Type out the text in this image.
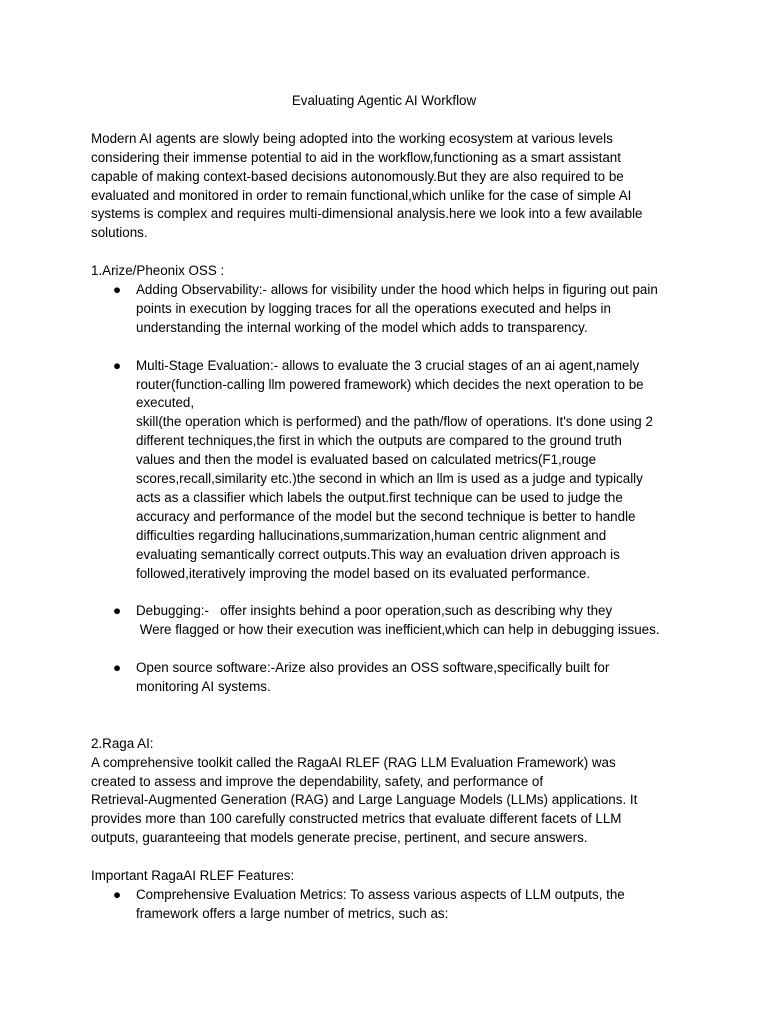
Evaluating Agentic AI Workflow

Modern AI agents are slowly being adopted into the working ecosystem at various levels

considering their immense potential to aid in the workflow,functioning as a smart assistant

capable of making context-based decisions autonomously.But they are also required to be

evaluated and monitored in order to remain functional,which unlike for the case of simple AI

systems is complex and requires multi-dimensional analysis.here we look into a few available

solutions.

1.Arize/Pheonix OSS :

● Adding Observability:- allows for visibility under the hood which helps in figuring out pain

points in execution by logging traces for all the operations executed and helps in

understanding the internal working of the model which adds to transparency.

● Multi-Stage Evaluation:- allows to evaluate the 3 crucial stages of an ai agent,namely

router(function-calling llm powered framework) which decides the next operation to be

executed,

skill(the operation which is performed) and the path/flow of operations. It's done using 2

different techniques,the first in which the outputs are compared to the ground truth

values and then the model is evaluated based on calculated metrics(F1,rouge

scores,recall,similarity etc.)the second in which an llm is used as a judge and typically

acts as a classifier which labels the output.first technique can be used to judge the

accuracy and performance of the model but the second technique is better to handle

difficulties regarding hallucinations,summarization,human centric alignment and

evaluating semantically correct outputs.This way an evaluation driven approach is

followed,iteratively improving the model based on its evaluated performance.

● Debugging:-   offer insights behind a poor operation,such as describing why they

Were flagged or how their execution was inefficient,which can help in debugging issues.

● Open source software:-Arize also provides an OSS software,specifically built for

monitoring AI systems.

2.Raga AI:

A comprehensive toolkit called the RagaAI RLEF (RAG LLM Evaluation Framework) was

created to assess and improve the dependability, safety, and performance of

Retrieval-Augmented Generation (RAG) and Large Language Models (LLMs) applications. It

provides more than 100 carefully constructed metrics that evaluate different facets of LLM

outputs, guaranteeing that models generate precise, pertinent, and secure answers.

Important RagaAI RLEF Features:

● Comprehensive Evaluation Metrics: To assess various aspects of LLM outputs, the

framework offers a large number of metrics, such as:
